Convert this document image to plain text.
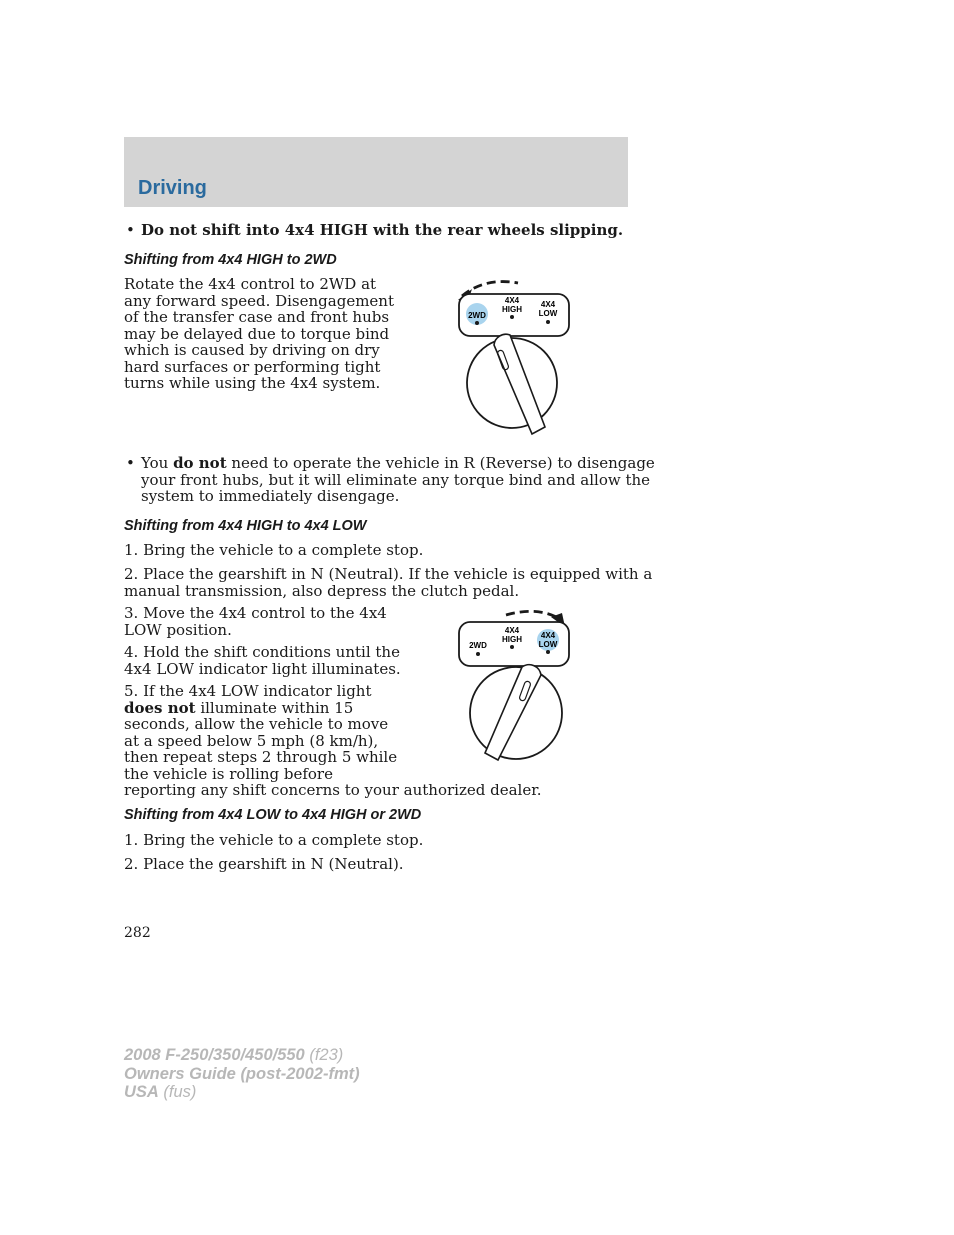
Driving
• Do not shift into 4x4 HIGH with the rear wheels slipping.
Shifting from 4x4 HIGH to 2WD
Rotate the 4x4 control to 2WD at
any forward speed. Disengagement
of the transfer case and front hubs
may be delayed due to torque bind
which is caused by driving on dry
hard surfaces or performing tight
turns while using the 4x4 system.
2WD
4X4
HIGH
4X4
LOW
• You do not need to operate the vehicle in R (Reverse) to disengage
your front hubs, but it will eliminate any torque bind and allow the
system to immediately disengage.
Shifting from 4x4 HIGH to 4x4 LOW
1. Bring the vehicle to a complete stop.
2. Place the gearshift in N (Neutral). If the vehicle is equipped with a
manual transmission, also depress the clutch pedal.
3. Move the 4x4 control to the 4x4
LOW position.
4. Hold the shift conditions until the
4x4 LOW indicator light illuminates.
5. If the 4x4 LOW indicator light
does not illuminate within 15
seconds, allow the vehicle to move
at a speed below 5 mph (8 km/h),
then repeat steps 2 through 5 while
the vehicle is rolling before
reporting any shift concerns to your authorized dealer.
2WD
4X4
HIGH 4X4
LOW
Shifting from 4x4 LOW to 4x4 HIGH or 2WD
1. Bring the vehicle to a complete stop.
2. Place the gearshift in N (Neutral).
282
2008 F-250/350/450/550 (f23)
Owners Guide (post-2002-fmt)
USA (fus)
